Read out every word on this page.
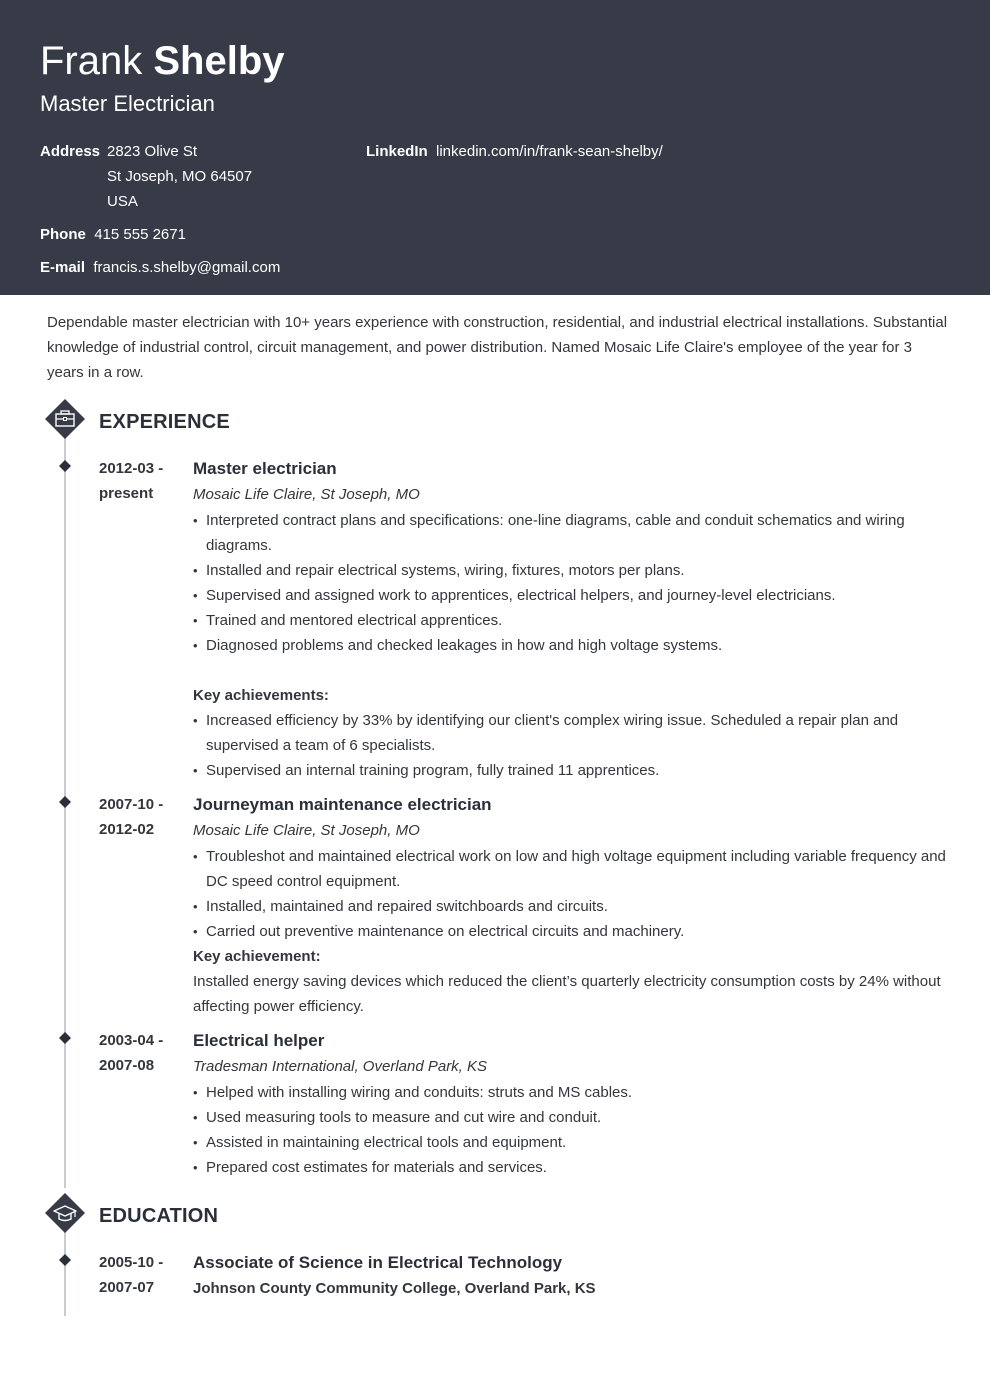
Frank Shelby
Master Electrician
Address 2823 Olive St
St Joseph, MO 64507
USA
LinkedIn linkedin.com/in/frank-sean-shelby/
Phone 415 555 2671
E-mail francis.s.shelby@gmail.com
Dependable master electrician with 10+ years experience with construction, residential, and industrial electrical installations. Substantial knowledge of industrial control, circuit management, and power distribution. Named Mosaic Life Claire's employee of the year for 3 years in a row.
EXPERIENCE
2012-03 -
present
Master electrician
Mosaic Life Claire, St Joseph, MO
• Interpreted contract plans and specifications: one-line diagrams, cable and conduit schematics and wiring diagrams.
• Installed and repair electrical systems, wiring, fixtures, motors per plans.
• Supervised and assigned work to apprentices, electrical helpers, and journey-level electricians.
• Trained and mentored electrical apprentices.
• Diagnosed problems and checked leakages in how and high voltage systems.
Key achievements:
• Increased efficiency by 33% by identifying our client's complex wiring issue. Scheduled a repair plan and supervised a team of 6 specialists.
• Supervised an internal training program, fully trained 11 apprentices.
2007-10 -
2012-02
Journeyman maintenance electrician
Mosaic Life Claire, St Joseph, MO
• Troubleshot and maintained electrical work on low and high voltage equipment including variable frequency and DC speed control equipment.
• Installed, maintained and repaired switchboards and circuits.
• Carried out preventive maintenance on electrical circuits and machinery.
Key achievement:
Installed energy saving devices which reduced the client’s quarterly electricity consumption costs by 24% without affecting power efficiency.
2003-04 -
2007-08
Electrical helper
Tradesman International, Overland Park, KS
• Helped with installing wiring and conduits: struts and MS cables.
• Used measuring tools to measure and cut wire and conduit.
• Assisted in maintaining electrical tools and equipment.
• Prepared cost estimates for materials and services.
EDUCATION
2005-10 -
2007-07
Associate of Science in Electrical Technology
Johnson County Community College, Overland Park, KS
